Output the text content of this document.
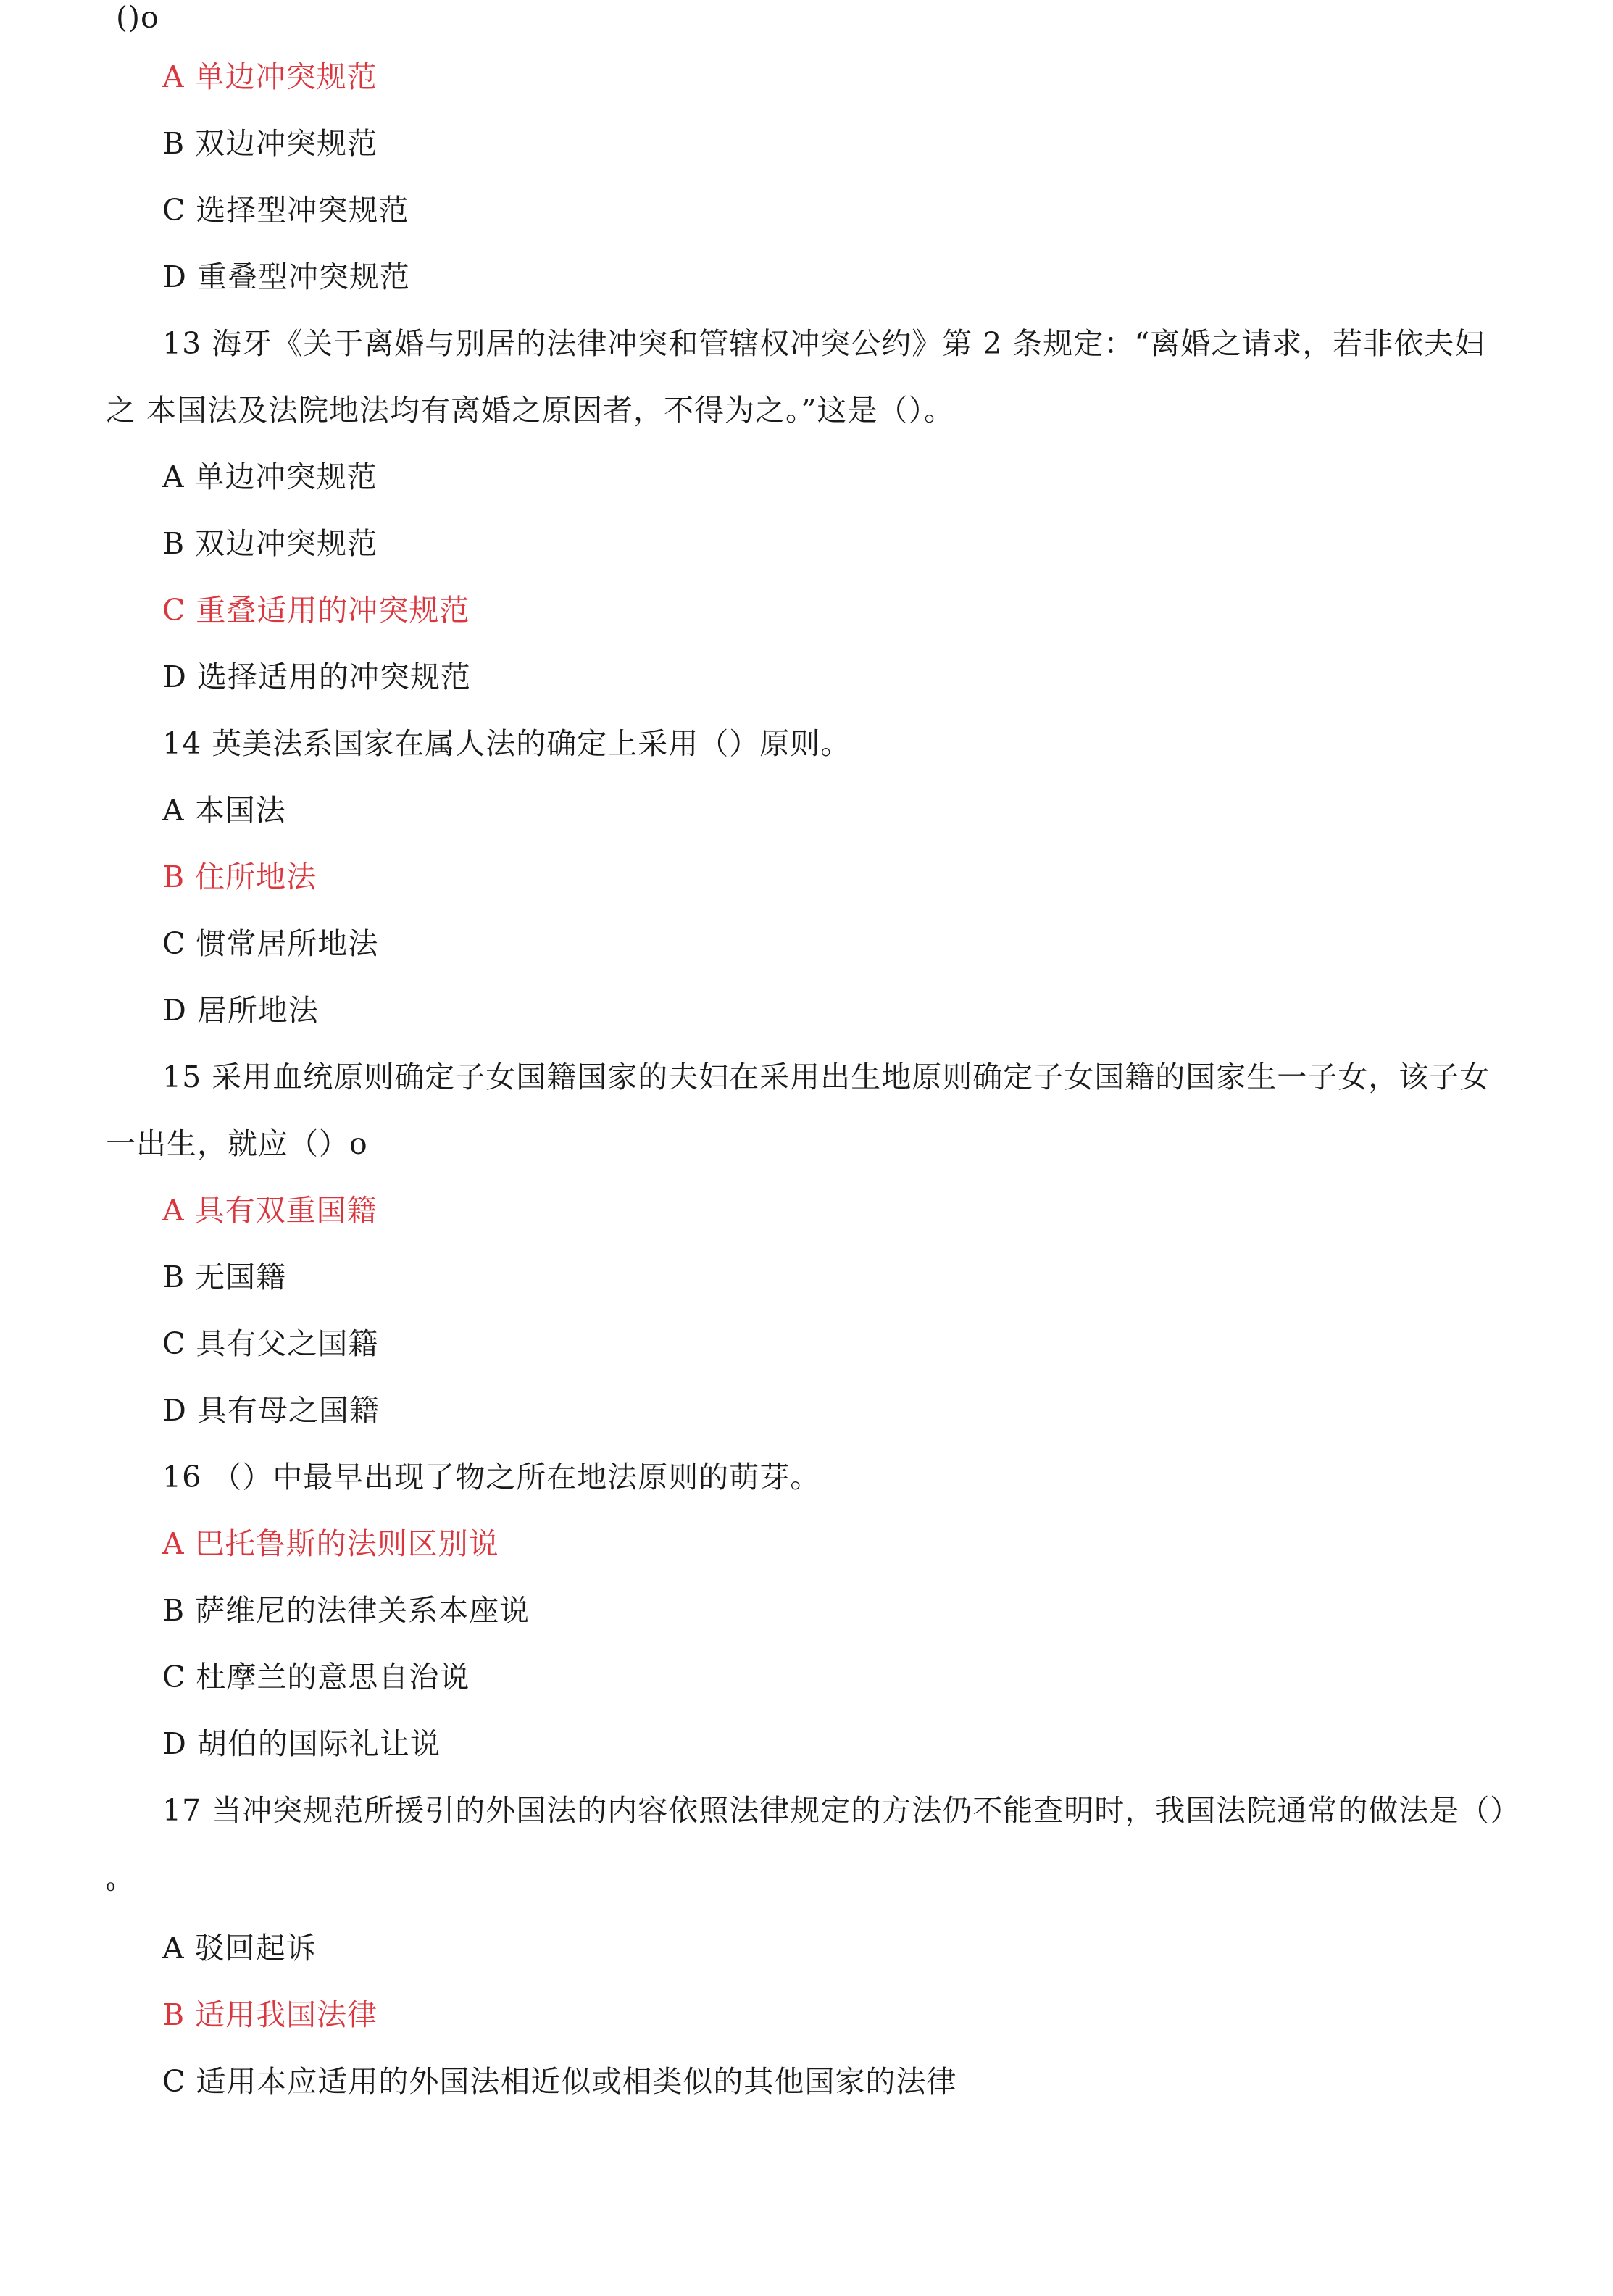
()o
A 单边冲突规范
B 双边冲突规范
C 选择型冲突规范
D 重叠型冲突规范
13 海牙《关于离婚与别居的法律冲突和管辖权冲突公约》第 2 条规定：“离婚之请求，若非依夫妇
之 本国法及法院地法均有离婚之原因者，不得为之。”这是（）。
A 单边冲突规范
B 双边冲突规范
C 重叠适用的冲突规范
D 选择适用的冲突规范
14 英美法系国家在属人法的确定上采用（）原则。
A 本国法
B 住所地法
C 惯常居所地法
D 居所地法
15 采用血统原则确定子女国籍国家的夫妇在采用出生地原则确定子女国籍的国家生一子女，该子女
一出生，就应（）o
A 具有双重国籍
B 无国籍
C 具有父之国籍
D 具有母之国籍
16 （）中最早出现了物之所在地法原则的萌芽。
A 巴托鲁斯的法则区别说
B 萨维尼的法律关系本座说
C 杜摩兰的意思自治说
D 胡伯的国际礼让说
17 当冲突规范所援引的外国法的内容依照法律规定的方法仍不能查明时，我国法院通常的做法是（）
o
A 驳回起诉
B 适用我国法律
C 适用本应适用的外国法相近似或相类似的其他国家的法律
